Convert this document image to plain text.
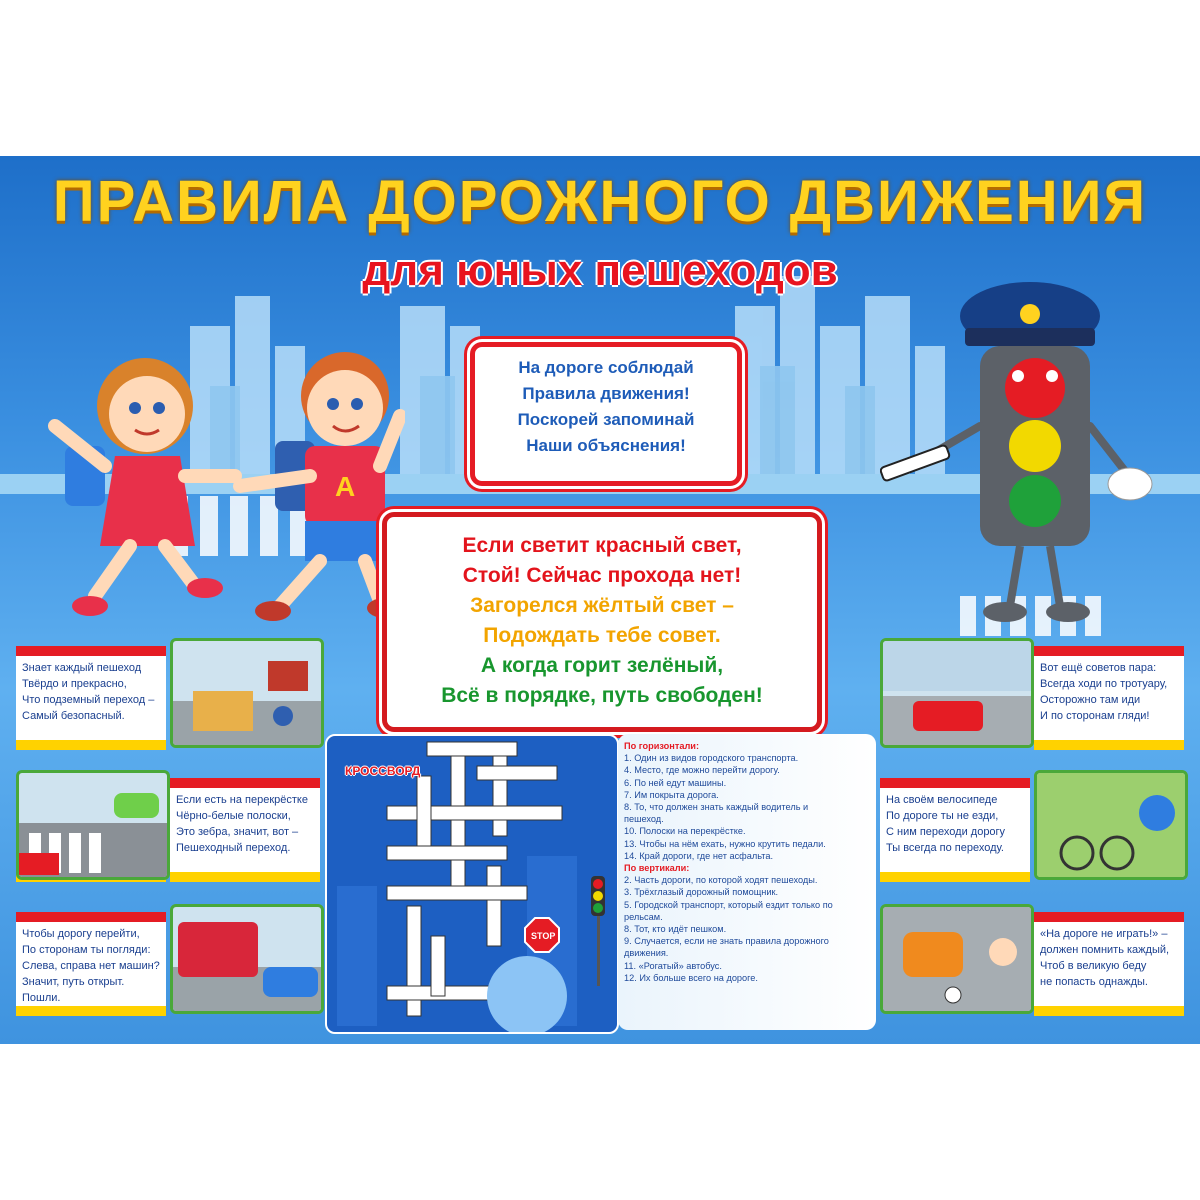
ПРАВИЛА ДОРОЖНОГО ДВИЖЕНИЯ
для юных пешеходов
A
На дороге соблюдай
Правила движения!
Поскорей запоминай
Наши объяснения!
Если светит красный свет,
Стой! Сейчас прохода нет!
Загорелся жёлтый свет –
Подождать тебе совет.
А когда горит зелёный,
Всё в порядке, путь свободен!
Знает каждый пешеход
Твёрдо и прекрасно,
Что подземный переход –
Самый безопасный.
Если есть на перекрёстке
Чёрно-белые полоски,
Это зебра, значит, вот –
Пешеходный переход.
Чтобы дорогу перейти,
По сторонам ты погляди:
Слева, справа нет машин?
Значит, путь открыт. Пошли.
Вот ещё советов пара:
Всегда ходи по тротуару,
Осторожно там иди
И по сторонам гляди!
На своём велосипеде
По дороге ты не езди,
С ним переходи дорогу
Ты всегда по переходу.
«На дороге не играть!» –
должен помнить каждый,
Чтоб в великую беду
не попасть однажды.
STOP
КРОССВОРД
По горизонтали:
1. Один из видов городского транспорта.
4. Место, где можно перейти дорогу.
6. По ней едут машины.
7. Им покрыта дорога.
8. То, что должен знать каждый водитель и
пешеход.
10. Полоски на перекрёстке.
13. Чтобы на нём ехать, нужно крутить педали.
14. Край дороги, где нет асфальта.
По вертикали:
2. Часть дороги, по которой ходят пешеходы.
3. Трёхглазый дорожный помощник.
5. Городской транспорт, который ездит только по
рельсам.
8. Тот, кто идёт пешком.
9. Случается, если не знать правила дорожного
движения.
11. «Рогатый» автобус.
12. Их больше всего на дороге.
